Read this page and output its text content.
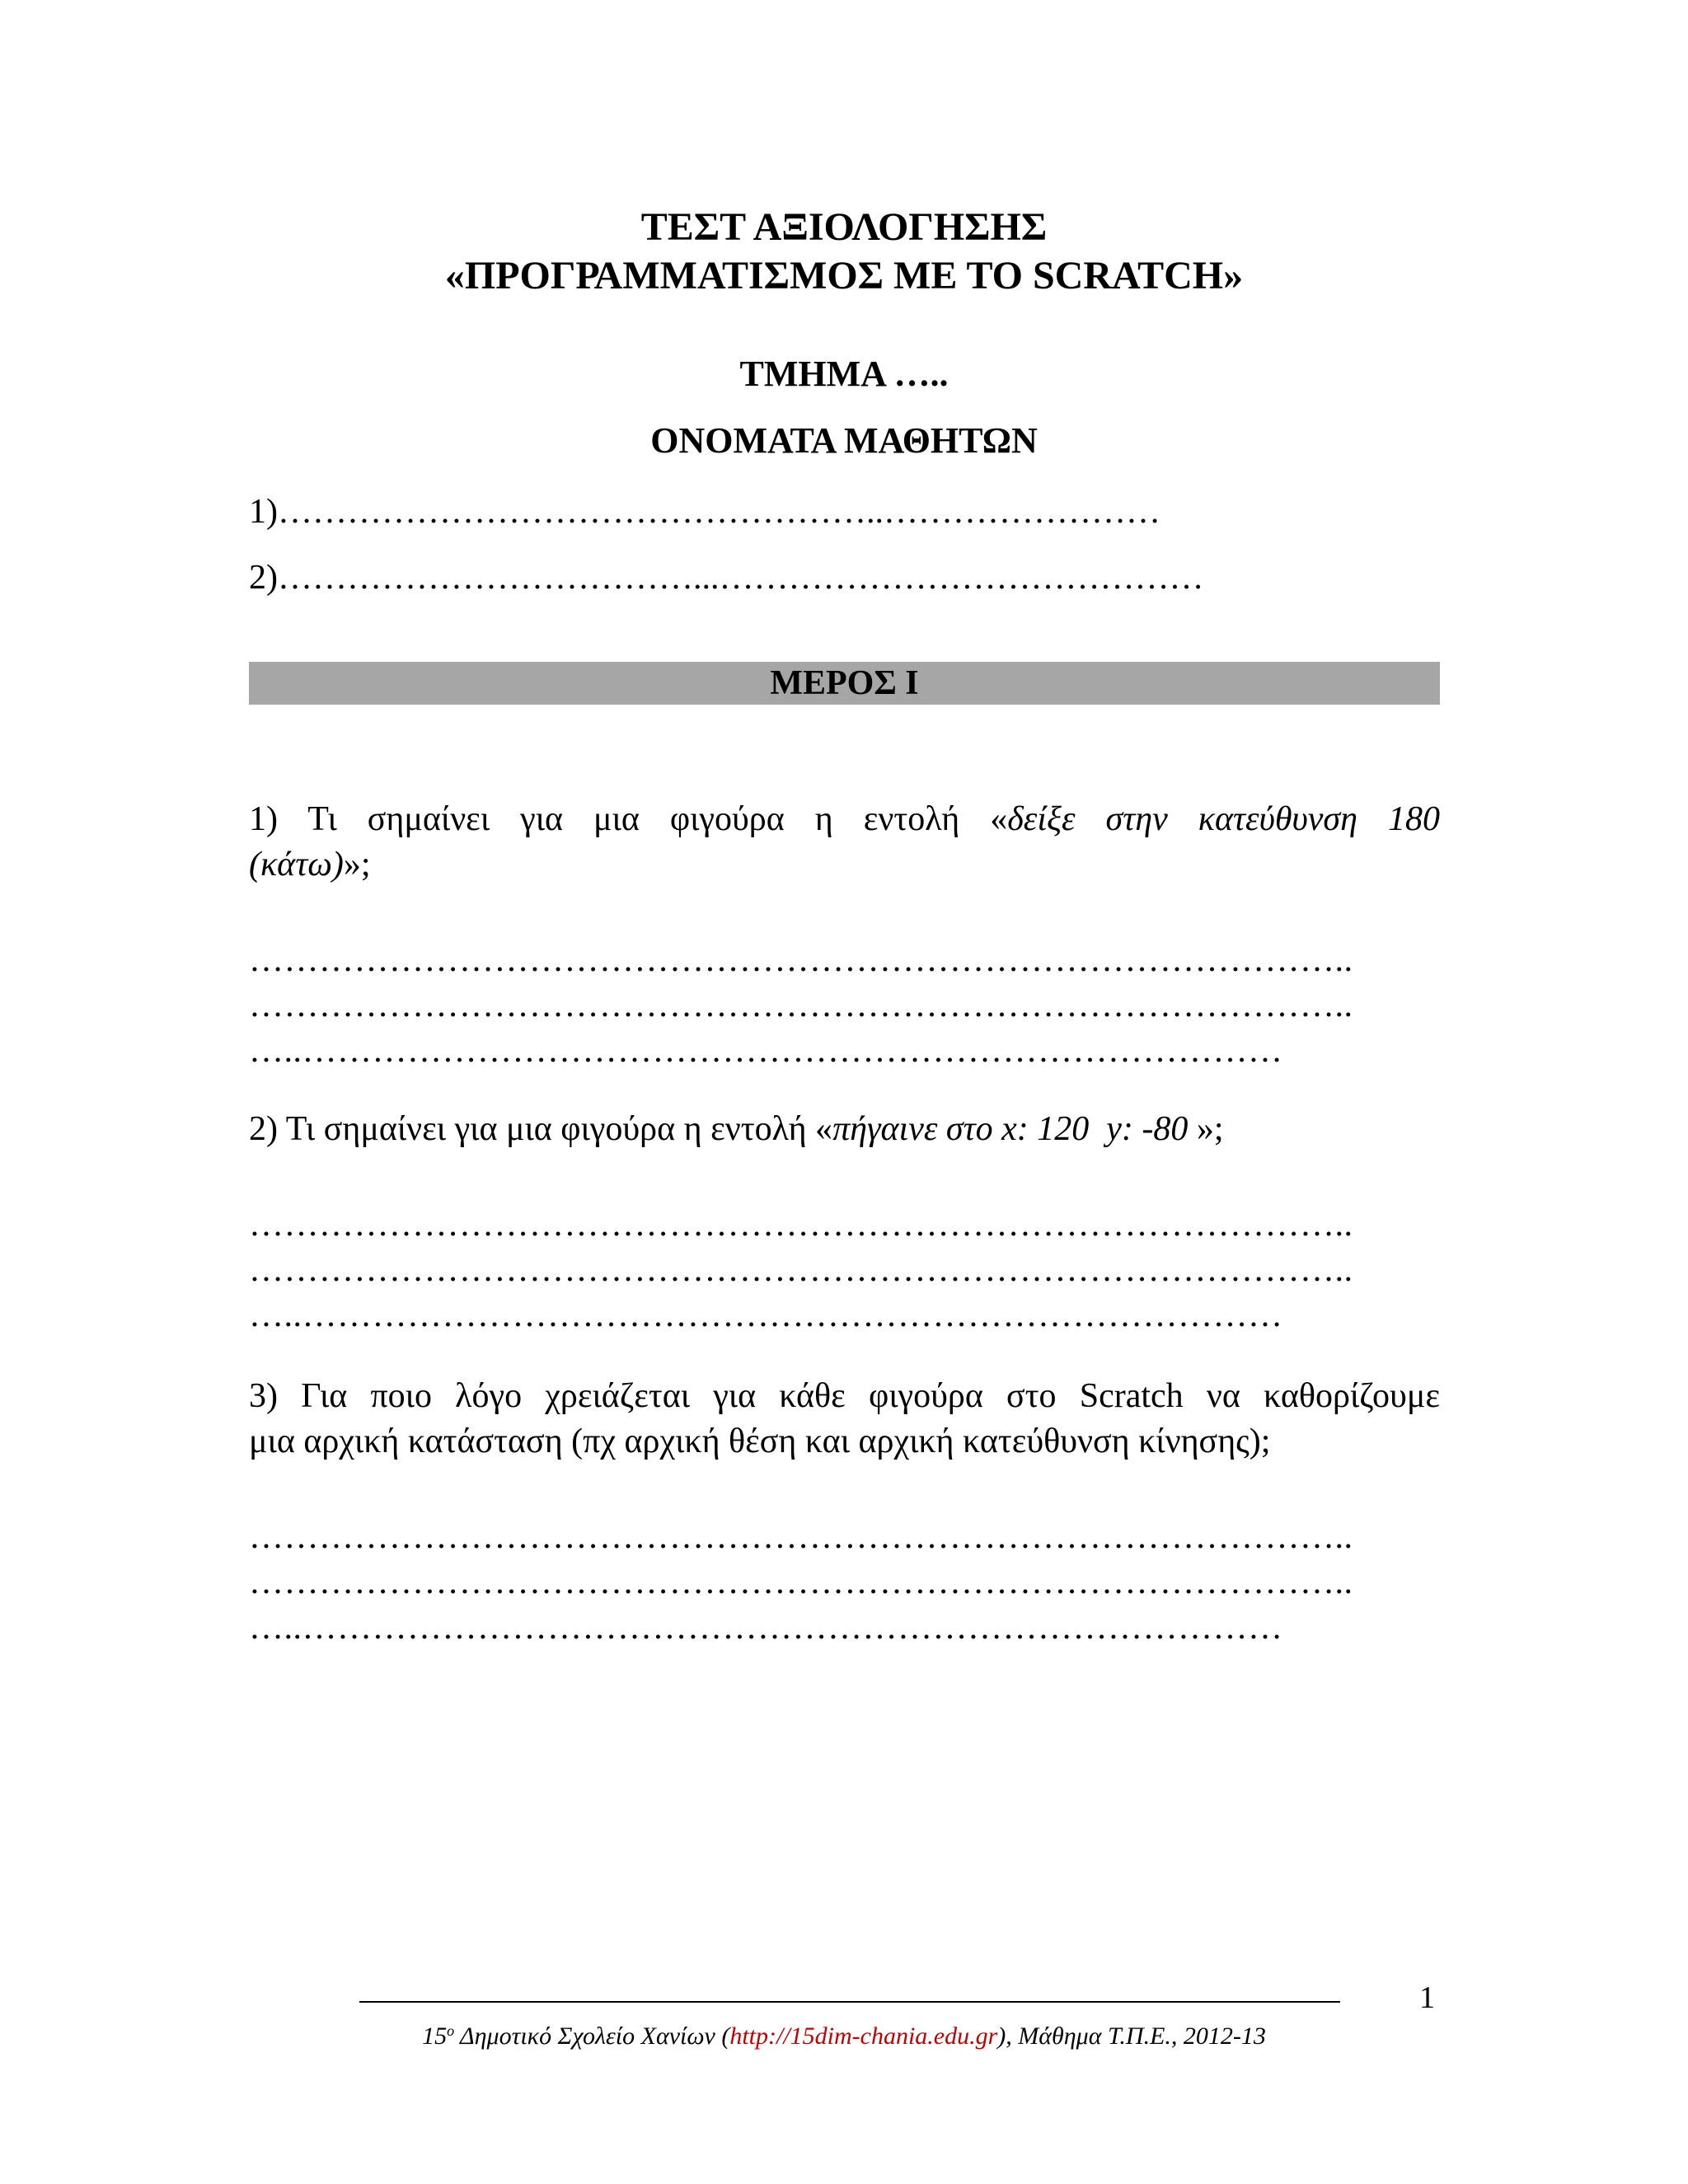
ΤΕΣΤ ΑΞΙΟΛΟΓΗΣΗΣ
«ΠΡΟΓΡΑΜΜΑΤΙΣΜΟΣ ΜΕ ΤΟ SCRATCH»
ΤΜΗΜΑ …..
ΟΝΟΜΑΤΑ ΜΑΘΗΤΩΝ
1)……………………………………………..……………………
2)………………………………...……………………………………
ΜΕΡΟΣ Ι
1) Τι σημαίνει για μια φιγούρα η εντολή «δείξε στην κατεύθυνση 180
(κάτω)»;
…………………………………………………………………………………..
…………………………………………………………………………………..
…..…………………………………………………………………………
2) Τι σημαίνει για μια φιγούρα η εντολή «πήγαινε στο x: 120  y: -80 »;
…………………………………………………………………………………..
…………………………………………………………………………………..
…..…………………………………………………………………………
3) Για ποιο λόγο χρειάζεται για κάθε φιγούρα στο Scratch να καθορίζουμε
μια αρχική κατάσταση (πχ αρχική θέση και αρχική κατεύθυνση κίνησης);
…………………………………………………………………………………..
…………………………………………………………………………………..
…..…………………………………………………………………………
1
$15^o$ Δημοτικό Σχολείο Χανίων (http://15dim-chania.edu.gr), Μάθημα Τ.Π.Ε., 2012-13
